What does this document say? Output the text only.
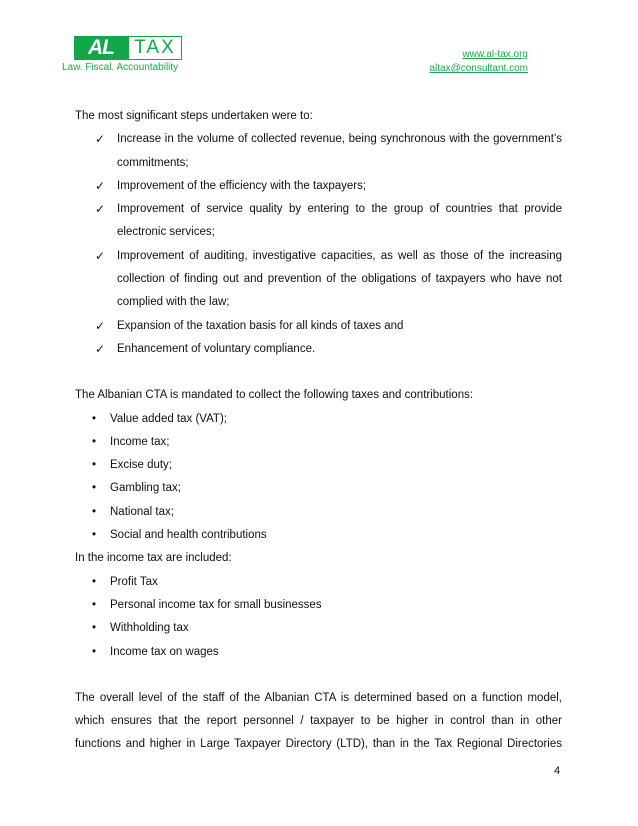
AL	TAX
Law. Fiscal. Accountability
www.al-tax.org
altax@consultant.com

The most significant steps undertaken were to:

✓ Increase in the volume of collected revenue, being synchronous with the government’s commitments;
✓ Improvement of the efficiency with the taxpayers;
✓ Improvement of service quality by entering to the group of countries that provide electronic services;
✓ Improvement of auditing, investigative capacities, as well as those of the increasing collection of finding out and prevention of the obligations of taxpayers who have not complied with the law;
✓ Expansion of the taxation basis for all kinds of taxes and
✓ Enhancement of voluntary compliance.

The Albanian CTA is mandated to collect the following taxes and contributions:

• Value added tax (VAT);
• Income tax;
• Excise duty;
• Gambling tax;
• National tax;
• Social and health contributions

In the income tax are included:

• Profit Tax
• Personal income tax for small businesses
• Withholding tax
• Income tax on wages

The overall level of the staff of the Albanian CTA is determined based on a function model,

which ensures that the report personnel / taxpayer to be higher in control than in other

functions and higher in Large Taxpayer Directory (LTD), than in the Tax Regional Directories

4
